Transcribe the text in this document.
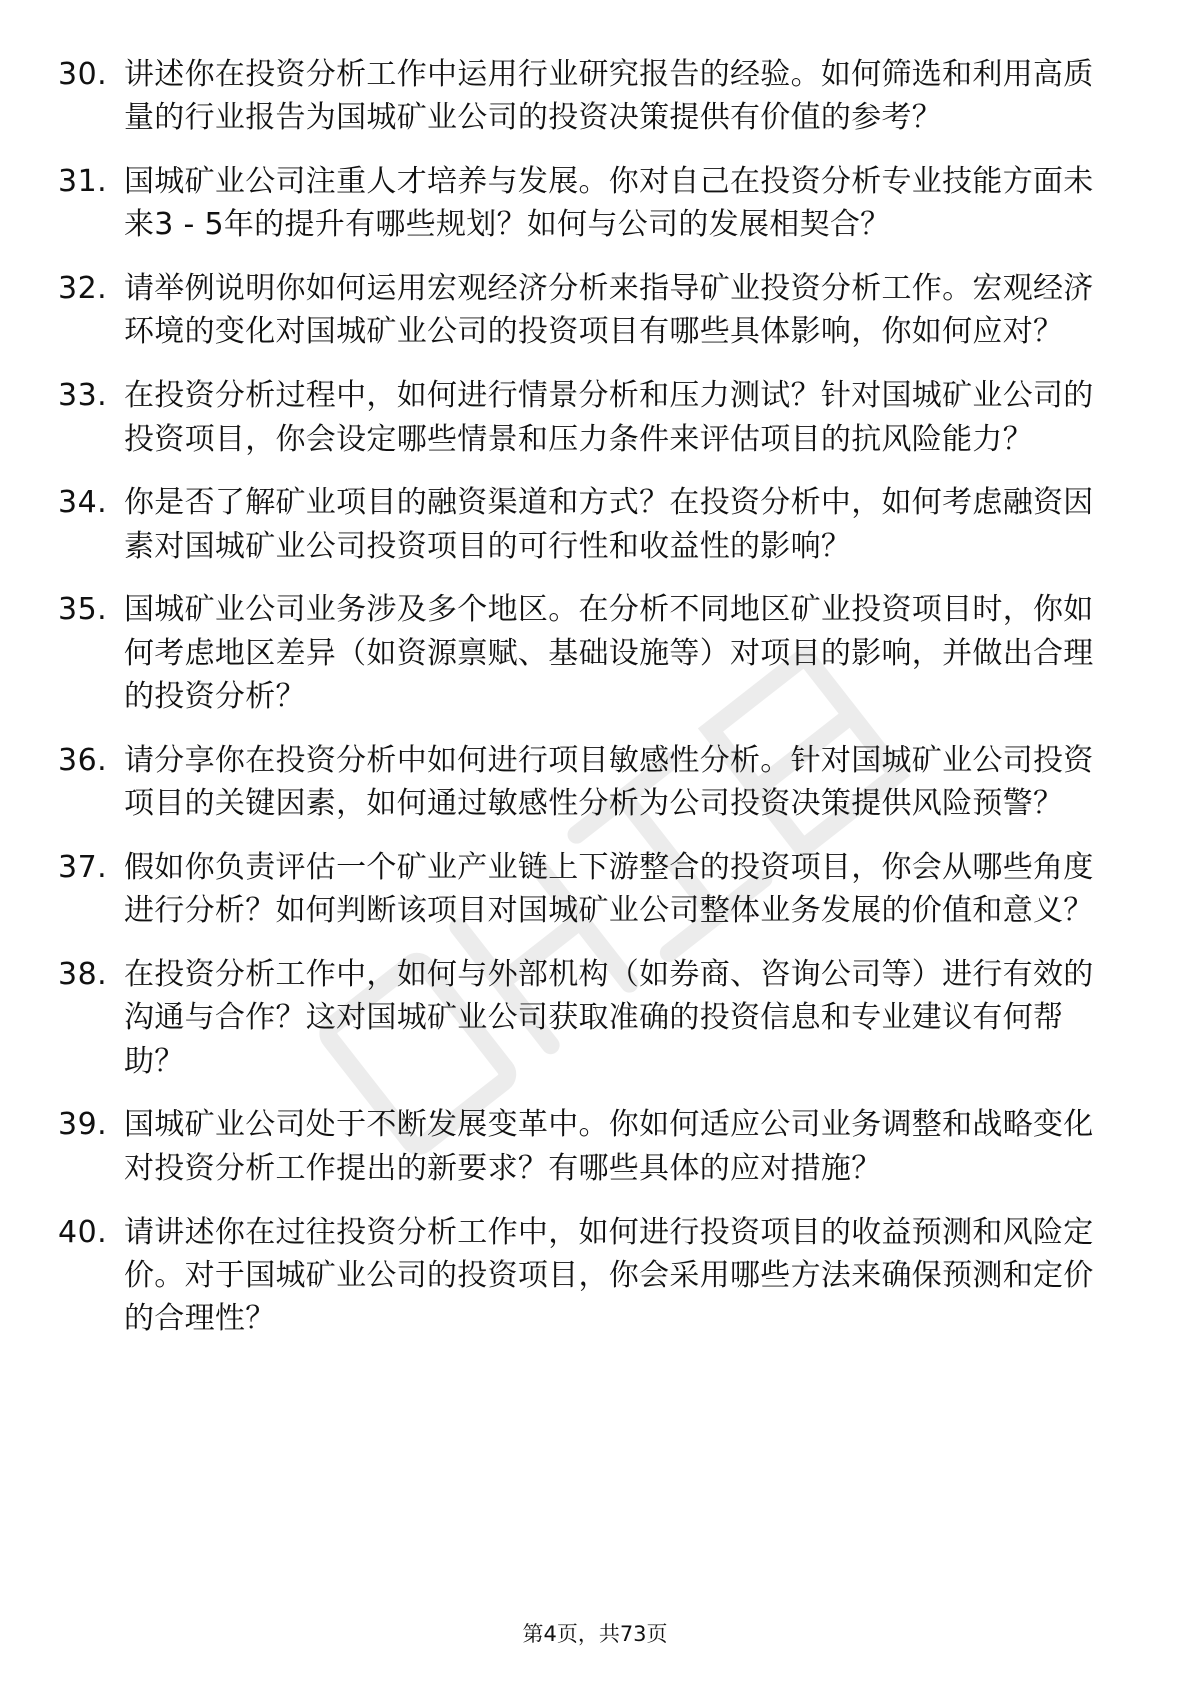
30. 讲述你在投资分析工作中运用行业研究报告的经验。如何筛选和利用高质量的行业报告为国城矿业公司的投资决策提供有价值的参考？
31. 国城矿业公司注重人才培养与发展。你对自己在投资分析专业技能方面未来3 - 5年的提升有哪些规划？如何与公司的发展相契合？
32. 请举例说明你如何运用宏观经济分析来指导矿业投资分析工作。宏观经济环境的变化对国城矿业公司的投资项目有哪些具体影响，你如何应对？
33. 在投资分析过程中，如何进行情景分析和压力测试？针对国城矿业公司的投资项目，你会设定哪些情景和压力条件来评估项目的抗风险能力？
34. 你是否了解矿业项目的融资渠道和方式？在投资分析中，如何考虑融资因素对国城矿业公司投资项目的可行性和收益性的影响？
35. 国城矿业公司业务涉及多个地区。在分析不同地区矿业投资项目时，你如何考虑地区差异（如资源禀赋、基础设施等）对项目的影响，并做出合理的投资分析？
36. 请分享你在投资分析中如何进行项目敏感性分析。针对国城矿业公司投资项目的关键因素，如何通过敏感性分析为公司投资决策提供风险预警？
37. 假如你负责评估一个矿业产业链上下游整合的投资项目，你会从哪些角度进行分析？如何判断该项目对国城矿业公司整体业务发展的价值和意义？
38. 在投资分析工作中，如何与外部机构（如券商、咨询公司等）进行有效的沟通与合作？这对国城矿业公司获取准确的投资信息和专业建议有何帮助？
39. 国城矿业公司处于不断发展变革中。你如何适应公司业务调整和战略变化对投资分析工作提出的新要求？有哪些具体的应对措施？
40. 请讲述你在过往投资分析工作中，如何进行投资项目的收益预测和风险定价。对于国城矿业公司的投资项目，你会采用哪些方法来确保预测和定价的合理性？
第4页，共73页
